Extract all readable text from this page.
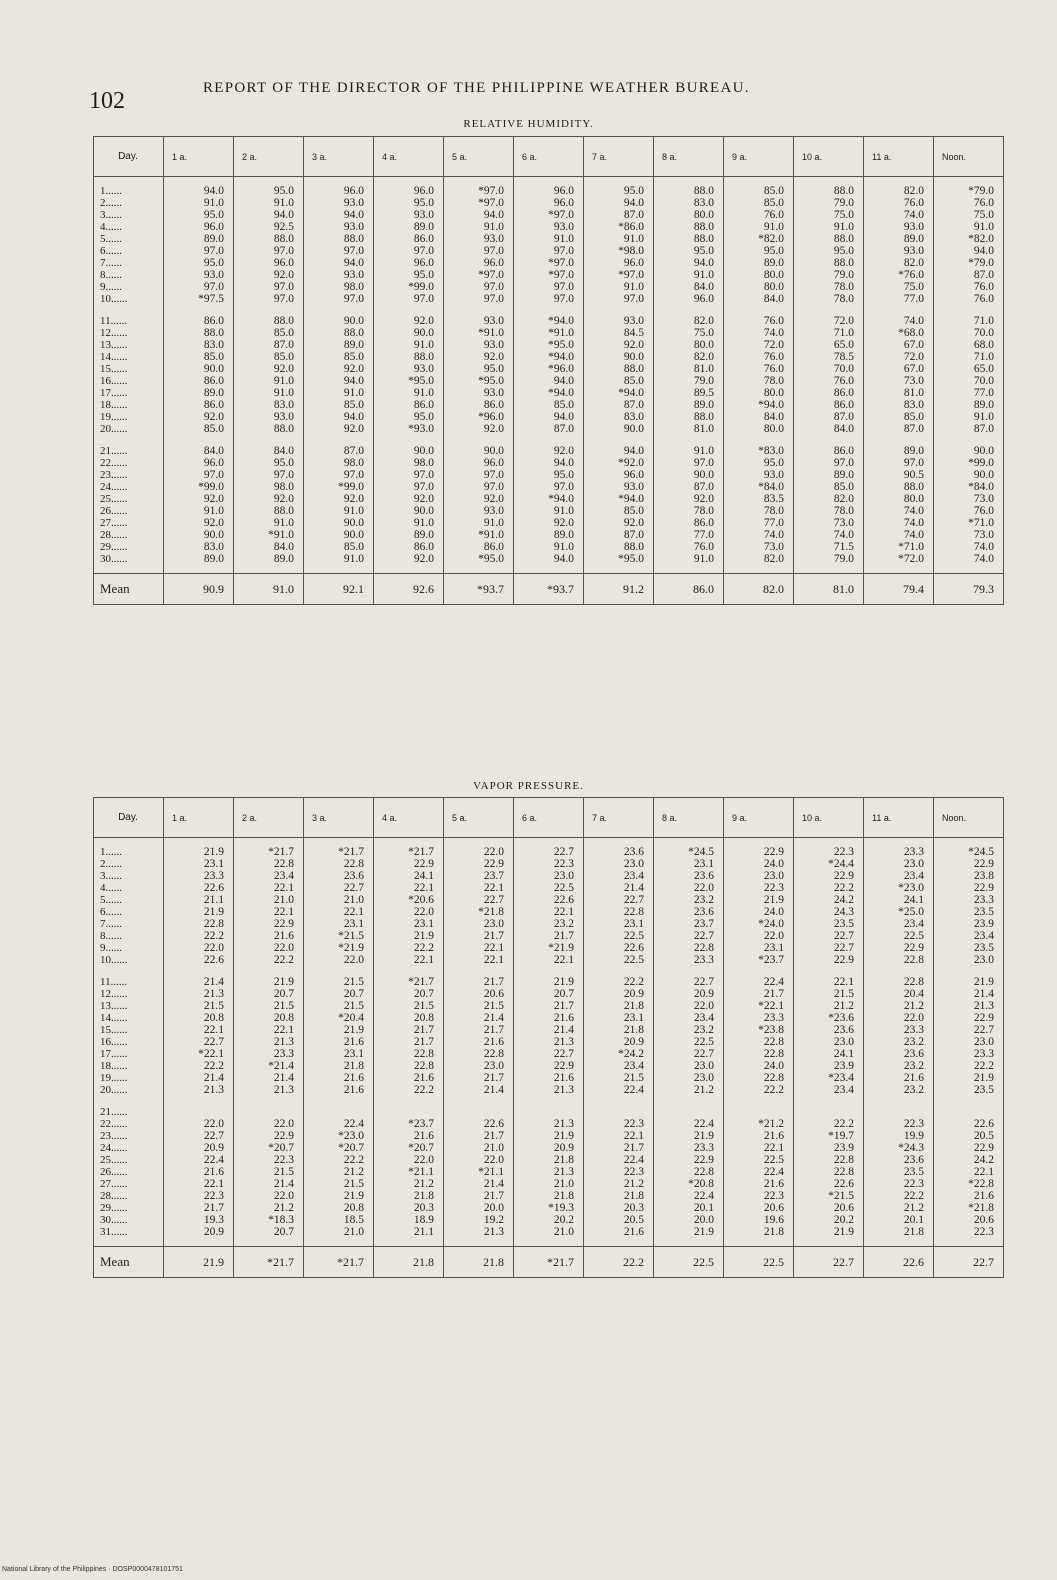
102	REPORT OF THE DIRECTOR OF THE PHILIPPINE WEATHER BUREAU.
RELATIVE HUMIDITY.
Day.	1 a.	2 a.	3 a.	4 a.	5 a.	6 a.	7 a.	8 a.	9 a.	10 a.	11 a.	Noon.

1......	94.0	95.0	96.0	96.0	*97.0	96.0	95.0	88.0	85.0	88.0	82.0	*79.0
2......	91.0	91.0	93.0	95.0	*97.0	96.0	94.0	83.0	85.0	79.0	76.0	76.0
3......	95.0	94.0	94.0	93.0	94.0	*97.0	87.0	80.0	76.0	75.0	74.0	75.0
4......	96.0	92.5	93.0	89.0	91.0	93.0	*86.0	88.0	91.0	91.0	93.0	91.0
5......	89.0	88.0	88.0	86.0	93.0	91.0	91.0	88.0	*82.0	88.0	89.0	*82.0
6......	97.0	97.0	97.0	97.0	97.0	97.0	*98.0	95.0	95.0	95.0	93.0	94.0
7......	95.0	96.0	94.0	96.0	96.0	*97.0	96.0	94.0	89.0	88.0	82.0	*79.0
8......	93.0	92.0	93.0	95.0	*97.0	*97.0	*97.0	91.0	80.0	79.0	*76.0	87.0
9......	97.0	97.0	98.0	*99.0	97.0	97.0	91.0	84.0	80.0	78.0	75.0	76.0
10......	*97.5	97.0	97.0	97.0	97.0	97.0	97.0	96.0	84.0	78.0	77.0	76.0

11......	86.0	88.0	90.0	92.0	93.0	*94.0	93.0	82.0	76.0	72.0	74.0	71.0
12......	88.0	85.0	88.0	90.0	*91.0	*91.0	84.5	75.0	74.0	71.0	*68.0	70.0
13......	83.0	87.0	89.0	91.0	93.0	*95.0	92.0	80.0	72.0	65.0	67.0	68.0
14......	85.0	85.0	85.0	88.0	92.0	*94.0	90.0	82.0	76.0	78.5	72.0	71.0
15......	90.0	92.0	92.0	93.0	95.0	*96.0	88.0	81.0	76.0	70.0	67.0	65.0
16......	86.0	91.0	94.0	*95.0	*95.0	94.0	85.0	79.0	78.0	76.0	73.0	70.0
17......	89.0	91.0	91.0	91.0	93.0	*94.0	*94.0	89.5	80.0	86.0	81.0	77.0
18......	86.0	83.0	85.0	86.0	86.0	85.0	87.0	89.0	*94.0	86.0	83.0	89.0
19......	92.0	93.0	94.0	95.0	*96.0	94.0	83.0	88.0	84.0	87.0	85.0	91.0
20......	85.0	88.0	92.0	*93.0	92.0	87.0	90.0	81.0	80.0	84.0	87.0	87.0

21......	84.0	84.0	87.0	90.0	90.0	92.0	94.0	91.0	*83.0	86.0	89.0	90.0
22......	96.0	95.0	98.0	98.0	96.0	94.0	*92.0	97.0	95.0	97.0	97.0	*99.0
23......	97.0	97.0	97.0	97.0	97.0	95.0	96.0	90.0	93.0	89.0	90.5	90.0
24......	*99.0	98.0	*99.0	97.0	97.0	97.0	93.0	87.0	*84.0	85.0	88.0	*84.0
25......	92.0	92.0	92.0	92.0	92.0	*94.0	*94.0	92.0	83.5	82.0	80.0	73.0
26......	91.0	88.0	91.0	90.0	93.0	91.0	85.0	78.0	78.0	78.0	74.0	76.0
27......	92.0	91.0	90.0	91.0	91.0	92.0	92.0	86.0	77.0	73.0	74.0	*71.0
28......	90.0	*91.0	90.0	89.0	*91.0	89.0	87.0	77.0	74.0	74.0	74.0	73.0
29......	83.0	84.0	85.0	86.0	86.0	91.0	88.0	76.0	73.0	71.5	*71.0	74.0
30......	89.0	89.0	91.0	92.0	*95.0	94.0	*95.0	91.0	82.0	79.0	*72.0	74.0

Mean	90.9	91.0	92.1	92.6	*93.7	*93.7	91.2	86.0	82.0	81.0	79.4	79.3
VAPOR PRESSURE.
Day.	1 a.	2 a.	3 a.	4 a.	5 a.	6 a.	7 a.	8 a.	9 a.	10 a.	11 a.	Noon.

1......	21.9	*21.7	*21.7	*21.7	22.0	22.7	23.6	*24.5	22.9	22.3	23.3	*24.5
2......	23.1	22.8	22.8	22.9	22.9	22.3	23.0	23.1	24.0	*24.4	23.0	22.9
3......	23.3	23.4	23.6	24.1	23.7	23.0	23.4	23.6	23.0	22.9	23.4	23.8
4......	22.6	22.1	22.7	22.1	22.1	22.5	21.4	22.0	22.3	22.2	*23.0	22.9
5......	21.1	21.0	21.0	*20.6	22.7	22.6	22.7	23.2	21.9	24.2	24.1	23.3
6......	21.9	22.1	22.1	22.0	*21.8	22.1	22.8	23.6	24.0	24.3	*25.0	23.5
7......	22.8	22.9	23.1	23.1	23.0	23.2	23.1	23.7	*24.0	23.5	23.4	23.9
8......	22.2	21.6	*21.5	21.9	21.7	21.7	22.5	22.7	22.0	22.7	22.5	23.4
9......	22.0	22.0	*21.9	22.2	22.1	*21.9	22.6	22.8	23.1	22.7	22.9	23.5
10......	22.6	22.2	22.0	22.1	22.1	22.1	22.5	23.3	*23.7	22.9	22.8	23.0

11......	21.4	21.9	21.5	*21.7	21.7	21.9	22.2	22.7	22.4	22.1	22.8	21.9
12......	21.3	20.7	20.7	20.7	20.6	20.7	20.9	20.9	21.7	21.5	20.4	21.4
13......	21.5	21.5	21.5	21.5	21.5	21.7	21.8	22.0	*22.1	21.2	21.2	21.3
14......	20.8	20.8	*20.4	20.8	21.4	21.6	23.1	23.4	23.3	*23.6	22.0	22.9
15......	22.1	22.1	21.9	21.7	21.7	21.4	21.8	23.2	*23.8	23.6	23.3	22.7
16......	22.7	21.3	21.6	21.7	21.6	21.3	20.9	22.5	22.8	23.0	23.2	23.0
17......	*22.1	23.3	23.1	22.8	22.8	22.7	*24.2	22.7	22.8	24.1	23.6	23.3
18......	22.2	*21.4	21.8	22.8	23.0	22.9	23.4	23.0	24.0	23.9	23.2	22.2
19......	21.4	21.4	21.6	21.6	21.7	21.6	21.5	23.0	22.8	*23.4	21.6	21.9
20......	21.3	21.3	21.6	22.2	21.4	21.3	22.4	21.2	22.2	23.4	23.2	23.5

21......												
22......	22.0	22.0	22.4	*23.7	22.6	21.3	22.3	22.4	*21.2	22.2	22.3	22.6
23......	22.7	22.9	*23.0	21.6	21.7	21.9	22.1	21.9	21.6	*19.7	19.9	20.5
24......	20.9	*20.7	*20.7	*20.7	21.0	20.9	21.7	23.3	22.1	23.9	*24.3	22.9
25......	22.4	22.3	22.2	22.0	22.0	21.8	22.4	22.9	22.5	22.8	23.6	24.2
26......	21.6	21.5	21.2	*21.1	*21.1	21.3	22.3	22.8	22.4	22.8	23.5	22.1
27......	22.1	21.4	21.5	21.2	21.4	21.0	21.2	*20.8	21.6	22.6	22.3	*22.8
28......	22.3	22.0	21.9	21.8	21.7	21.8	21.8	22.4	22.3	*21.5	22.2	21.6
29......	21.7	21.2	20.8	20.3	20.0	*19.3	20.3	20.1	20.6	20.6	21.2	*21.8
30......	19.3	*18.3	18.5	18.9	19.2	20.2	20.5	20.0	19.6	20.2	20.1	20.6
31......	20.9	20.7	21.0	21.1	21.3	21.0	21.6	21.9	21.8	21.9	21.8	22.3

Mean	21.9	*21.7	*21.7	21.8	21.8	*21.7	22.2	22.5	22.5	22.7	22.6	22.7
National Library of the Philippines · DOSP0000478101751
